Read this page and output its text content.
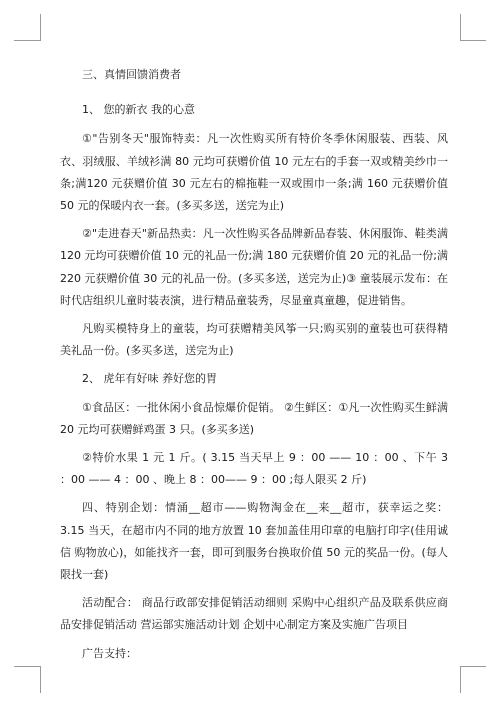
三、真情回馈消费者

1、 您的新衣 我的心意

①"告别冬天"服饰特卖：凡一次性购买所有特价冬季休闲服装、西装、风衣、羽绒服、羊绒衫满 80 元均可获赠价值 10 元左右的手套一双或精美纱巾一条;满120 元获赠价值 30 元左右的棉拖鞋一双或围巾一条;满 160 元获赠价值 50 元的保暖内衣一套。(多买多送，送完为止)

②"走进春天"新品热卖：凡一次性购买各品牌新品春装、休闲服饰、鞋类满 120 元均可获赠价值 10 元的礼品一份;满 180 元获赠价值 20 元的礼品一份;满 220 元获赠价值 30 元的礼品一份。(多买多送，送完为止)③ 童装展示发布：在时代店组织儿童时装表演，进行精品童装秀，尽显童真童趣，促进销售。

凡购买模特身上的童装，均可获赠精美风筝一只;购买别的童装也可获得精美礼品一份。(多买多送，送完为止)

2、 虎年有好味 养好您的胃

①食品区：一批休闲小食品惊爆价促销。 ②生鲜区：①凡一次性购买生鲜满 20 元均可获赠鲜鸡蛋 3 只。(多买多送)

②特价水果 1 元 1 斤。( 3.15 当天早上 9 ：00 —— 10 ：00 、下午 3 ：00 —— 4 ：00 、晚上 8 ：00—— 9 ：00 ;每人限买 2 斤)

四、特别企划：情涌__超市——购物淘金在__来__超市，获幸运之奖： 3.15 当天，在超市内不同的地方放置 10 套加盖佳用印章的电脑打印字(佳用诚信 购物放心)，如能找齐一套，即可到服务台换取价值 50 元的奖品一份。(每人限找一套)

活动配合： 商品行政部安排促销活动细则 采购中心组织产品及联系供应商品安排促销活动 营运部实施活动计划 企划中心制定方案及实施广告项目

广告支持：
